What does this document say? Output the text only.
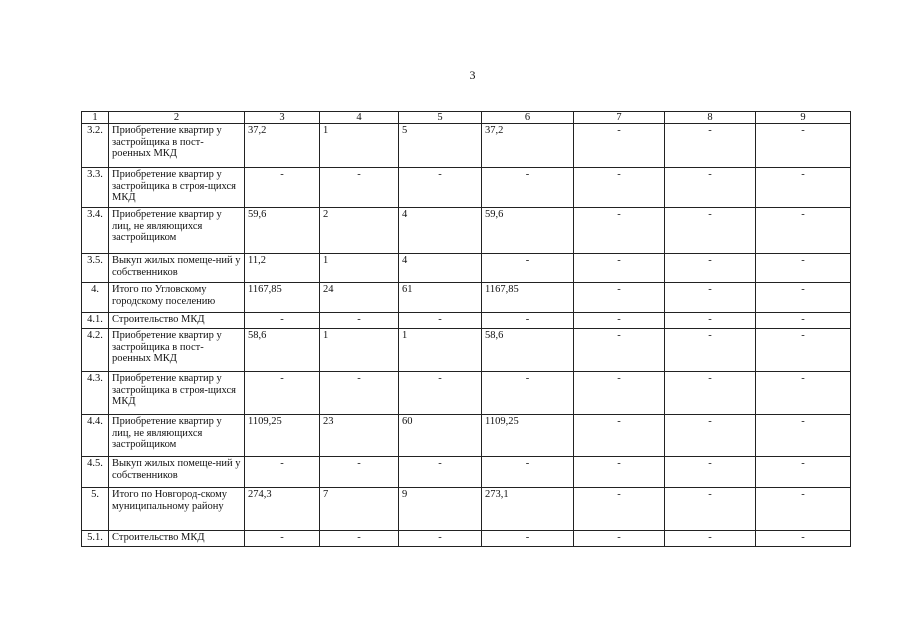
3
1	2	3	4	5	6	7	8	9
3.2.	Приобретение квартир у застройщика в пост-роенных МКД	37,2	1	5	37,2	-	-	-
3.3.	Приобретение квартир у застройщика в строя-щихся МКД	-	-	-	-	-	-	-
3.4.	Приобретение квартир у лиц, не являющихся застройщиком	59,6	2	4	59,6	-	-	-
3.5.	Выкуп жилых помеще-ний у собственников	11,2	1	4	-	-	-	-
4.	Итого по Угловскому городскому поселению	1167,85	24	61	1167,85	-	-	-
4.1.	Строительство МКД	-	-	-	-	-	-	-
4.2.	Приобретение квартир у застройщика в пост-роенных МКД	58,6	1	1	58,6	-	-	-
4.3.	Приобретение квартир у застройщика в строя-щихся МКД	-	-	-	-	-	-	-
4.4.	Приобретение квартир у лиц, не являющихся застройщиком	1109,25	23	60	1109,25	-	-	-
4.5.	Выкуп жилых помеще-ний у собственников	-	-	-	-	-	-	-
5.	Итого по Новгород-скому муниципальному району	274,3	7	9	273,1	-	-	-
5.1.	Строительство МКД	-	-	-	-	-	-	-
